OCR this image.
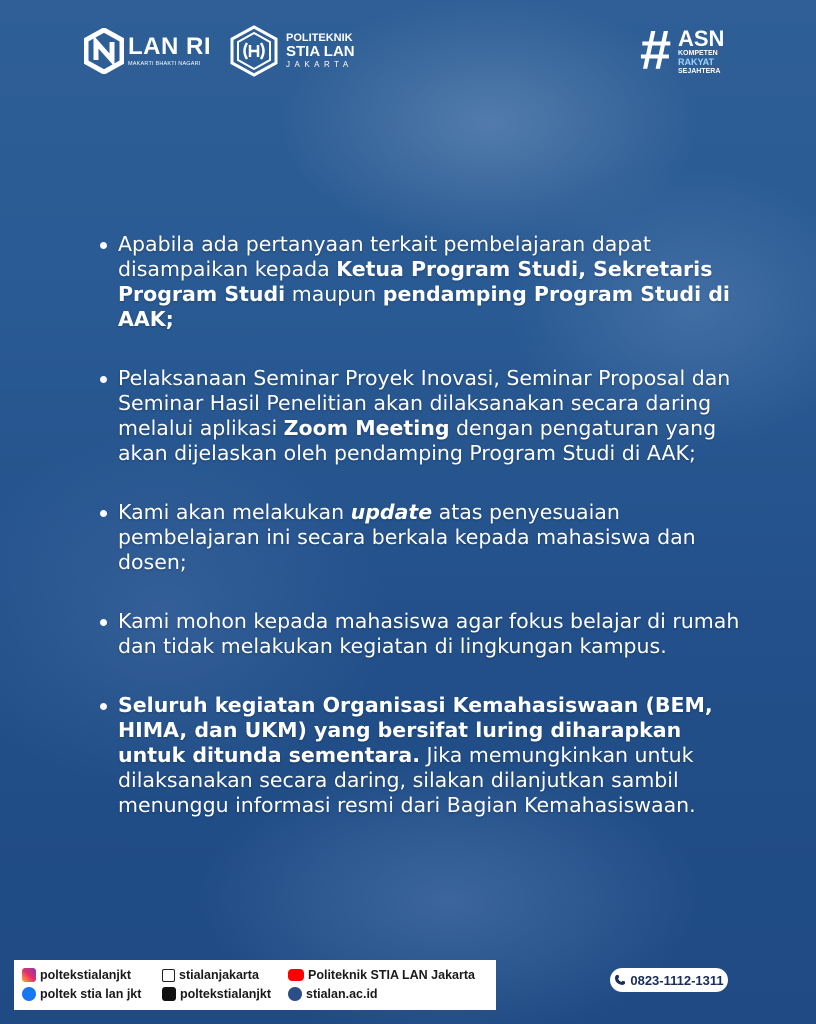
LAN RI
MAKARTI BHAKTI NAGARI
POLITEKNIK
STIA LAN
JAKARTA	# ASN
KOMPETEN
RAKYAT
SEJAHTERA
Apabila ada pertanyaan terkait pembelajaran dapat disampaikan kepada Ketua Program Studi, Sekretaris Program Studi maupun pendamping Program Studi di AAK;
Pelaksanaan Seminar Proyek Inovasi, Seminar Proposal dan Seminar Hasil Penelitian akan dilaksanakan secara daring melalui aplikasi Zoom Meeting dengan pengaturan yang akan dijelaskan oleh pendamping Program Studi di AAK;
Kami akan melakukan update atas penyesuaian pembelajaran ini secara berkala kepada mahasiswa dan dosen;
Kami mohon kepada mahasiswa agar fokus belajar di rumah dan tidak melakukan kegiatan di lingkungan kampus.
Seluruh kegiatan Organisasi Kemahasiswaan (BEM, HIMA, dan UKM) yang bersifat luring diharapkan untuk ditunda sementara. Jika memungkinkan untuk dilaksanakan secara daring, silakan dilanjutkan sambil menunggu informasi resmi dari Bagian Kemahasiswaan.
poltekstialanjkt
poltek stia lan jkt
stialanjakarta
poltekstialanjkt
Politeknik STIA LAN Jakarta
stialan.ac.id
0823-1112-1311
